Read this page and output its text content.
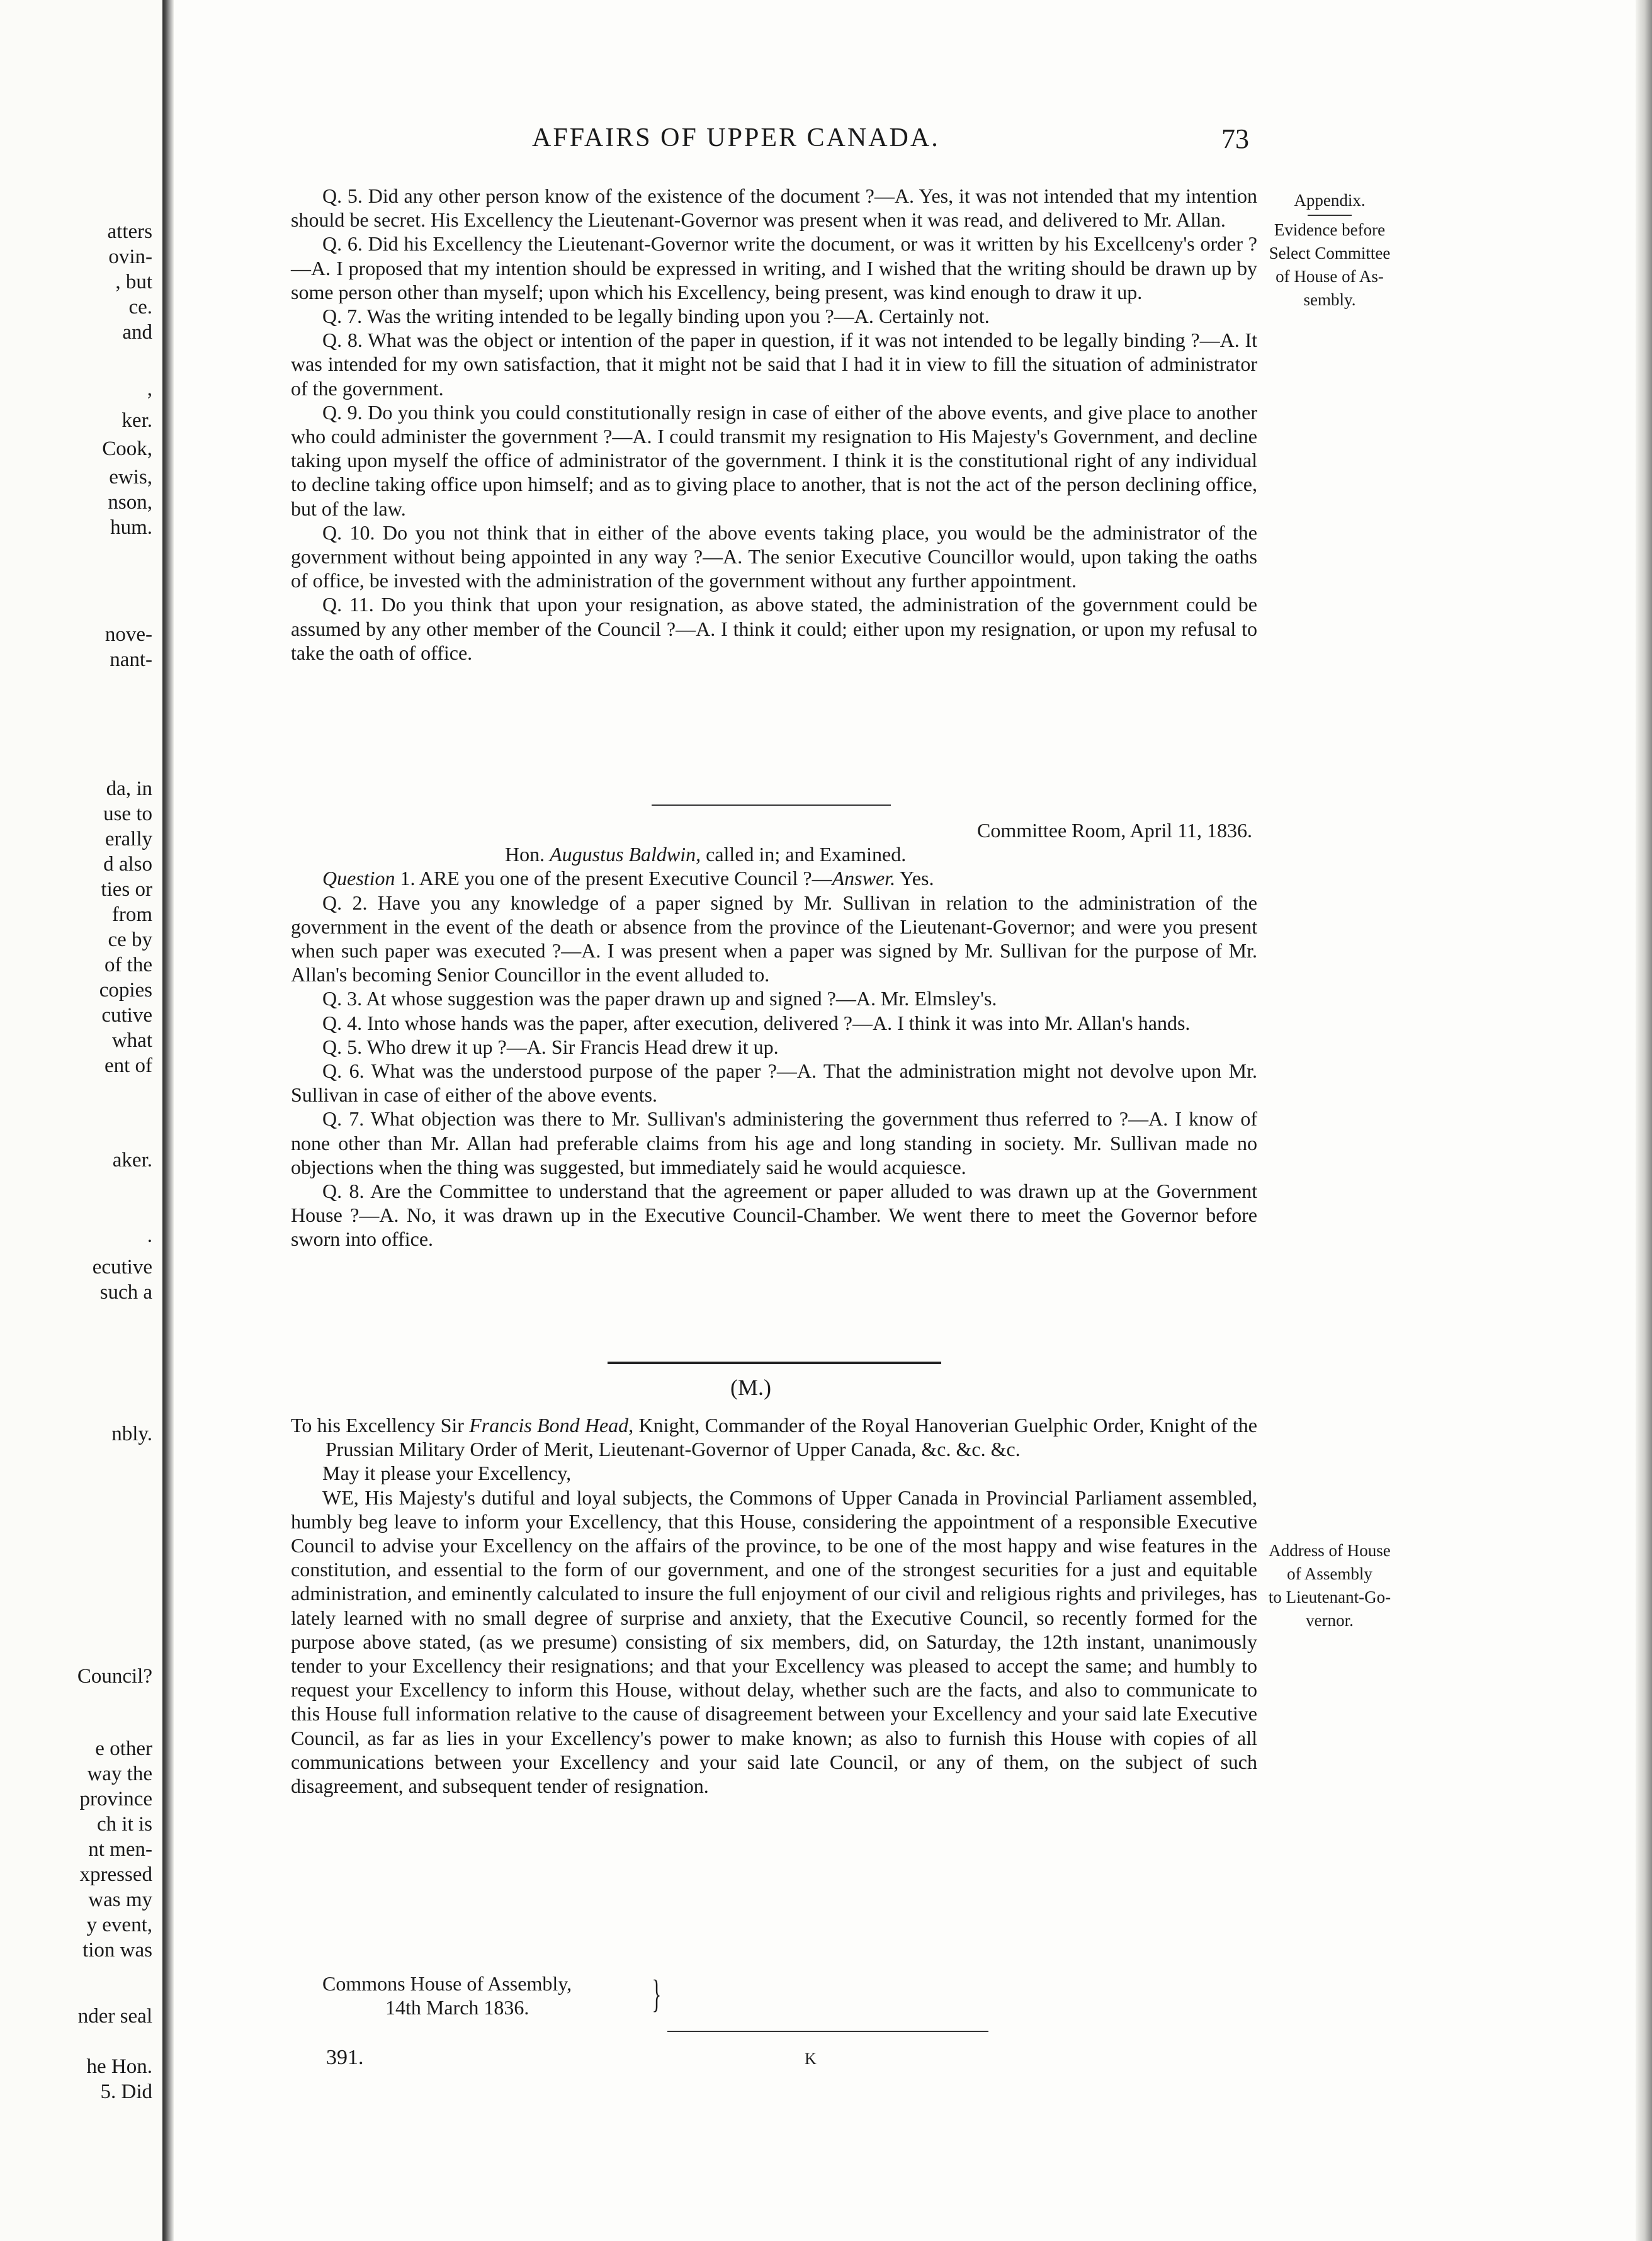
atters
ovin-
, but
ce.
and
,
ker.
Cook,
ewis,
nson,
hum.
nove-
nant-
da, in
use to
erally
d also
ties or
from
ce by
of the
copies
cutive
what
ent of
aker.
.
ecutive
such a
nbly.
Council?
e other
way the
province
ch it is
nt men-
xpressed
was my
y event,
tion was
nder seal
he Hon.
5. Did
AFFAIRS OF UPPER CANADA.	73
Appendix.
Evidence before
Select Committee
of House of As-
sembly.
Address of House
of Assembly
to Lieutenant-Go-
vernor.

Q. 5. Did any other person know of the existence of the document ?—A. Yes, it was not intended that my intention should be secret. His Excellency the Lieutenant-Governor was present when it was read, and delivered to Mr. Allan.

Q. 6. Did his Excellency the Lieutenant-Governor write the document, or was it written by his Excellceny's order ?—A. I proposed that my intention should be expressed in writing, and I wished that the writing should be drawn up by some person other than myself; upon which his Excellency, being present, was kind enough to draw it up.

Q. 7. Was the writing intended to be legally binding upon you ?—A. Certainly not.

Q. 8. What was the object or intention of the paper in question, if it was not intended to be legally binding ?—A. It was intended for my own satisfaction, that it might not be said that I had it in view to fill the situation of administrator of the government.

Q. 9. Do you think you could constitutionally resign in case of either of the above events, and give place to another who could administer the government ?—A. I could transmit my resignation to His Majesty's Government, and decline taking upon myself the office of administrator of the government. I think it is the constitutional right of any individual to decline taking office upon himself; and as to giving place to another, that is not the act of the person declining office, but of the law.

Q. 10. Do you not think that in either of the above events taking place, you would be the administrator of the government without being appointed in any way ?—A. The senior Executive Councillor would, upon taking the oaths of office, be invested with the administration of the government without any further appointment.

Q. 11. Do you think that upon your resignation, as above stated, the administration of the government could be assumed by any other member of the Council ?—A. I think it could; either upon my resignation, or upon my refusal to take the oath of office.

Committee Room, April 11, 1836.

Hon. Augustus Baldwin, called in; and Examined.

Question 1. ARE you one of the present Executive Council ?—Answer. Yes.

Q. 2. Have you any knowledge of a paper signed by Mr. Sullivan in relation to the administration of the government in the event of the death or absence from the province of the Lieutenant-Governor; and were you present when such paper was executed ?—A. I was present when a paper was signed by Mr. Sullivan for the purpose of Mr. Allan's becoming Senior Councillor in the event alluded to.

Q. 3. At whose suggestion was the paper drawn up and signed ?—A. Mr. Elmsley's.

Q. 4. Into whose hands was the paper, after execution, delivered ?—A. I think it was into Mr. Allan's hands.

Q. 5. Who drew it up ?—A. Sir Francis Head drew it up.

Q. 6. What was the understood purpose of the paper ?—A. That the administration might not devolve upon Mr. Sullivan in case of either of the above events.

Q. 7. What objection was there to Mr. Sullivan's administering the government thus referred to ?—A. I know of none other than Mr. Allan had preferable claims from his age and long standing in society. Mr. Sullivan made no objections when the thing was suggested, but immediately said he would acquiesce.

Q. 8. Are the Committee to understand that the agreement or paper alluded to was drawn up at the Government House ?—A. No, it was drawn up in the Executive Council-Chamber. We went there to meet the Governor before sworn into office.

(M.)

To his Excellency Sir Francis Bond Head, Knight, Commander of the Royal Hanoverian Guelphic Order, Knight of the Prussian Military Order of Merit, Lieutenant-Governor of Upper Canada, &c. &c. &c.

May it please your Excellency,

WE, His Majesty's dutiful and loyal subjects, the Commons of Upper Canada in Provincial Parliament assembled, humbly beg leave to inform your Excellency, that this House, considering the appointment of a responsible Executive Council to advise your Excellency on the affairs of the province, to be one of the most happy and wise features in the constitution, and essential to the form of our government, and one of the strongest securities for a just and equitable administration, and eminently calculated to insure the full enjoyment of our civil and religious rights and privileges, has lately learned with no small degree of surprise and anxiety, that the Executive Council, so recently formed for the purpose above stated, (as we presume) consisting of six members, did, on Saturday, the 12th instant, unanimously tender to your Excellency their resignations; and that your Excellency was pleased to accept the same; and humbly to request your Excellency to inform this House, without delay, whether such are the facts, and also to communicate to this House full information relative to the cause of disagreement between your Excellency and your said late Executive Council, as far as lies in your Excellency's power to make known; as also to furnish this House with copies of all communications between your Excellency and your said late Council, or any of them, on the subject of such disagreement, and subsequent tender of resignation.

Commons House of Assembly,
14th March 1836.	}
391.	K
